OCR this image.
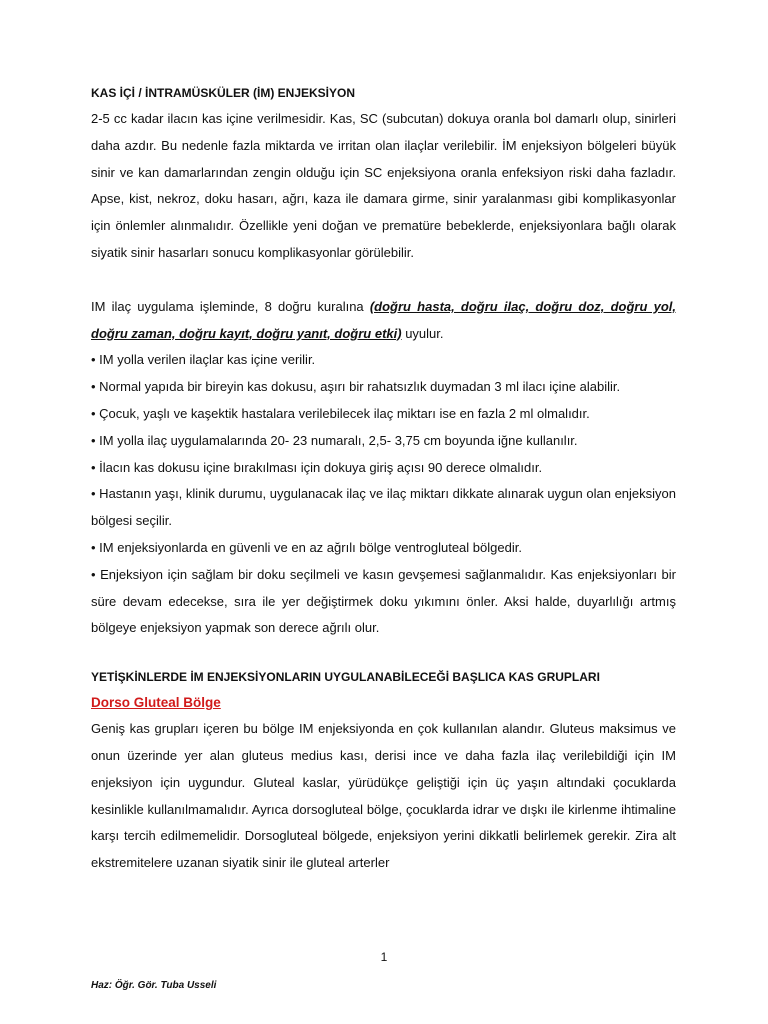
KAS İÇİ / İNTRAMÜSKÜLER (İM) ENJEKSİYON

2-5 cc kadar ilacın kas içine verilmesidir. Kas, SC (subcutan) dokuya oranla bol damarlı olup, sinirleri daha azdır. Bu nedenle fazla miktarda ve irritan olan ilaçlar verilebilir. İM enjeksiyon bölgeleri büyük sinir ve kan damarlarından zengin olduğu için SC enjeksiyona oranla enfeksiyon riski daha fazladır. Apse, kist, nekroz, doku hasarı, ağrı, kaza ile damara girme, sinir yaralanması gibi komplikasyonlar için önlemler alınmalıdır. Özellikle yeni doğan ve prematüre bebeklerde, enjeksiyonlara bağlı olarak siyatik sinir hasarları sonucu komplikasyonlar görülebilir.

IM ilaç uygulama işleminde, 8 doğru kuralına (doğru hasta, doğru ilaç, doğru doz, doğru yol, doğru zaman, doğru kayıt, doğru yanıt, doğru etki) uyulur.

• IM yolla verilen ilaçlar kas içine verilir.

• Normal yapıda bir bireyin kas dokusu, aşırı bir rahatsızlık duymadan 3 ml ilacı içine alabilir.

• Çocuk, yaşlı ve kaşektik hastalara verilebilecek ilaç miktarı ise en fazla 2 ml olmalıdır.

• IM yolla ilaç uygulamalarında 20- 23 numaralı, 2,5- 3,75 cm boyunda iğne kullanılır.

• İlacın kas dokusu içine bırakılması için dokuya giriş açısı 90 derece olmalıdır.

• Hastanın yaşı, klinik durumu, uygulanacak ilaç ve ilaç miktarı dikkate alınarak uygun olan enjeksiyon bölgesi seçilir.

• IM enjeksiyonlarda en güvenli ve en az ağrılı bölge ventrogluteal bölgedir.

• Enjeksiyon için sağlam bir doku seçilmeli ve kasın gevşemesi sağlanmalıdır. Kas enjeksiyonları bir süre devam edecekse, sıra ile yer değiştirmek doku yıkımını önler. Aksi halde, duyarlılığı artmış bölgeye enjeksiyon yapmak son derece ağrılı olur.

YETİŞKİNLERDE İM ENJEKSİYONLARIN UYGULANABİLECEĞİ BAŞLICA KAS GRUPLARI

Dorso Gluteal Bölge

Geniş kas grupları içeren bu bölge IM enjeksiyonda en çok kullanılan alandır. Gluteus maksimus ve onun üzerinde yer alan gluteus medius kası, derisi ince ve daha fazla ilaç verilebildiği için IM enjeksiyon için uygundur. Gluteal kaslar, yürüdükçe geliştiği için üç yaşın altındaki çocuklarda kesinlikle kullanılmamalıdır. Ayrıca dorsogluteal bölge, çocuklarda idrar ve dışkı ile kirlenme ihtimaline karşı tercih edilmemelidir. Dorsogluteal bölgede, enjeksiyon yerini dikkatli belirlemek gerekir. Zira alt ekstremitelere uzanan siyatik sinir ile gluteal arterler

1
Haz: Öğr. Gör. Tuba Usseli
